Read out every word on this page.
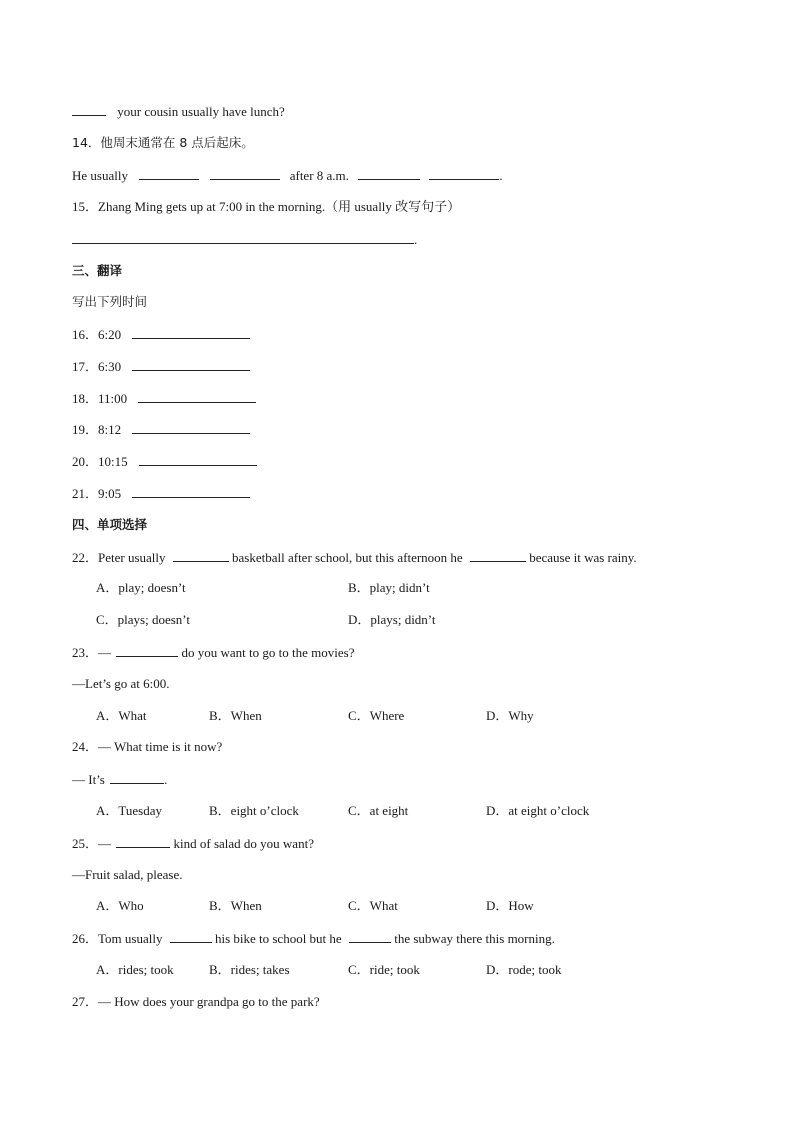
your cousin usually have lunch?
14．他周末通常在 8 点后起床。
He usually	after 8 a.m.	.
15．Zhang Ming gets up at 7:00 in the morning.（用 usually 改写句子）
.
三、翻译
写出下列时间
16．6:20
17．6:30
18．11:00
19．8:12
20．10:15
21．9:05
四、单项选择
22．Peter usually	basketball after school, but this afternoon he	because it was rainy.
A．play; doesn’t	B．play; didn’t
C．plays; doesn’t	D．plays; didn’t
23．—	do you want to go to the movies?
—Let’s go at 6:00.
A．What	B．When	C．Where	D．Why
24．— What time is it now?
— It’s	.
A．Tuesday	B．eight o’clock	C．at eight	D．at eight o’clock
25．—	kind of salad do you want?
—Fruit salad, please.
A．Who	B．When	C．What	D．How
26．Tom usually	his bike to school but he	the subway there this morning.
A．rides; took	B．rides; takes	C．ride; took	D．rode; took
27．— How does your grandpa go to the park?
